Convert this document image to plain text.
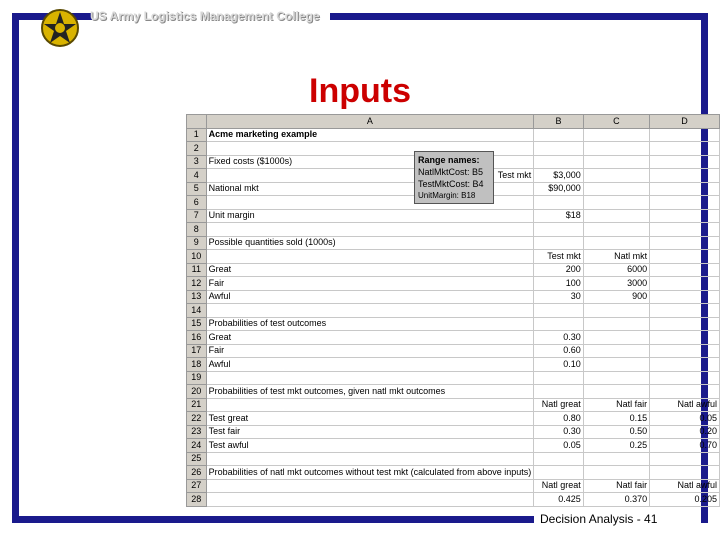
US Army Logistics Management College
Inputs
	A	B	C	D
1	Acme marketing example			
2				
3	Fixed costs ($1000s)			
4	Test mkt	$3,000		
5	National mkt	$90,000		
6				
7	Unit margin	$18		
8				
9	Possible quantities sold (1000s)			
10		Test mkt	Natl mkt	
11	Great	200	6000	
12	Fair	100	3000	
13	Awful	30	900	
14				
15	Probabilities of test outcomes			
16	Great	0.30		
17	Fair	0.60		
18	Awful	0.10		
19				
20	Probabilities of test mkt outcomes, given natl mkt outcomes			
21		Natl great	Natl fair	Natl awful
22	Test great	0.80	0.15	0.05
23	Test fair	0.30	0.50	0.20
24	Test awful	0.05	0.25	0.70
25				
26	Probabilities of natl mkt outcomes without test mkt (calculated from above inputs)			
27		Natl great	Natl fair	Natl awful
28		0.425	0.370	0.205
Range names:
NatlMktCost: B5
TestMktCost: B4
UnitMargin: B18
Decision Analysis - 41
